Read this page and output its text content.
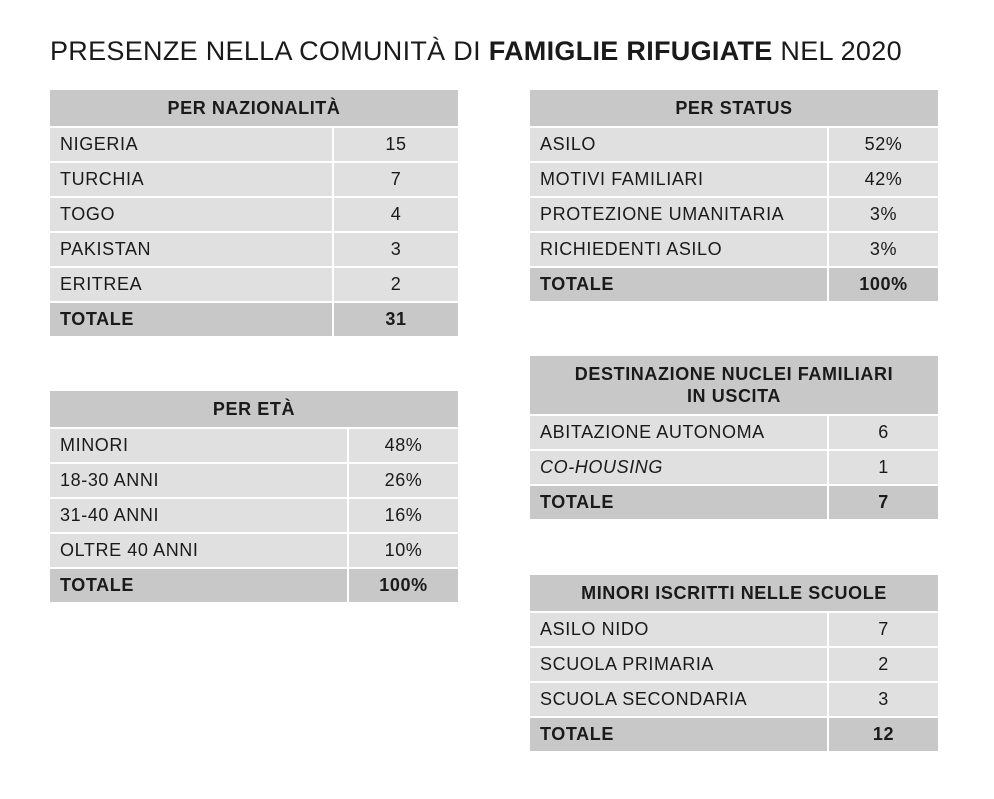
PRESENZE NELLA COMUNITÀ DI FAMIGLIE RIFUGIATE NEL 2020
PER NAZIONALITÀ	
NIGERIA	15
TURCHIA	7
TOGO	4
PAKISTAN	3
ERITREA	2
TOTALE	31
PER ETÀ	
MINORI	48%
18-30 ANNI	26%
31-40 ANNI	16%
OLTRE 40 ANNI	10%
TOTALE	100%
PER STATUS	
ASILO	52%
MOTIVI FAMILIARI	42%
PROTEZIONE UMANITARIA	3%
RICHIEDENTI ASILO	3%
TOTALE	100%
DESTINAZIONE NUCLEI FAMILIARI
IN USCITA	
ABITAZIONE AUTONOMA	6
CO-HOUSING	1
TOTALE	7
MINORI ISCRITTI NELLE SCUOLE	
ASILO NIDO	7
SCUOLA PRIMARIA	2
SCUOLA SECONDARIA	3
TOTALE	12
